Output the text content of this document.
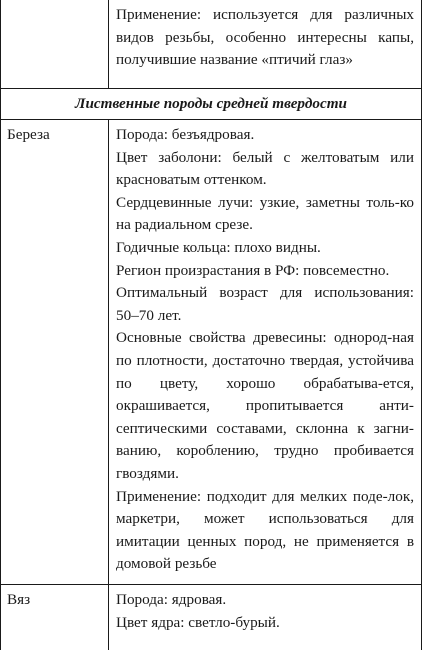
Применение: используется для различных видов резьбы, особенно интересны капы, получившие название «птичий глаз»

Лиственные породы средней твердости
Береза	Порода: безъядровая.

Цвет заболони: белый с желтоватым или красноватым оттенком.

Сердцевинные лучи: узкие, заметны толь-ко на радиальном срезе.

Годичные кольца: плохо видны.

Регион произрастания в РФ: повсеместно.

Оптимальный возраст для использования: 50–70 лет.

Основные свойства древесины: однород-ная по плотности, достаточно твердая, устойчива по цвету, хорошо обрабатыва-ется, окрашивается, пропитывается анти-септическими составами, склонна к загни-ванию, короблению, трудно пробивается гвоздями.

Применение: подходит для мелких поде-лок, маркетри, может использоваться для имитации ценных пород, не применяется в домовой резьбе

Вяз	Порода: ядровая.

Цвет ядра: светло-бурый.
